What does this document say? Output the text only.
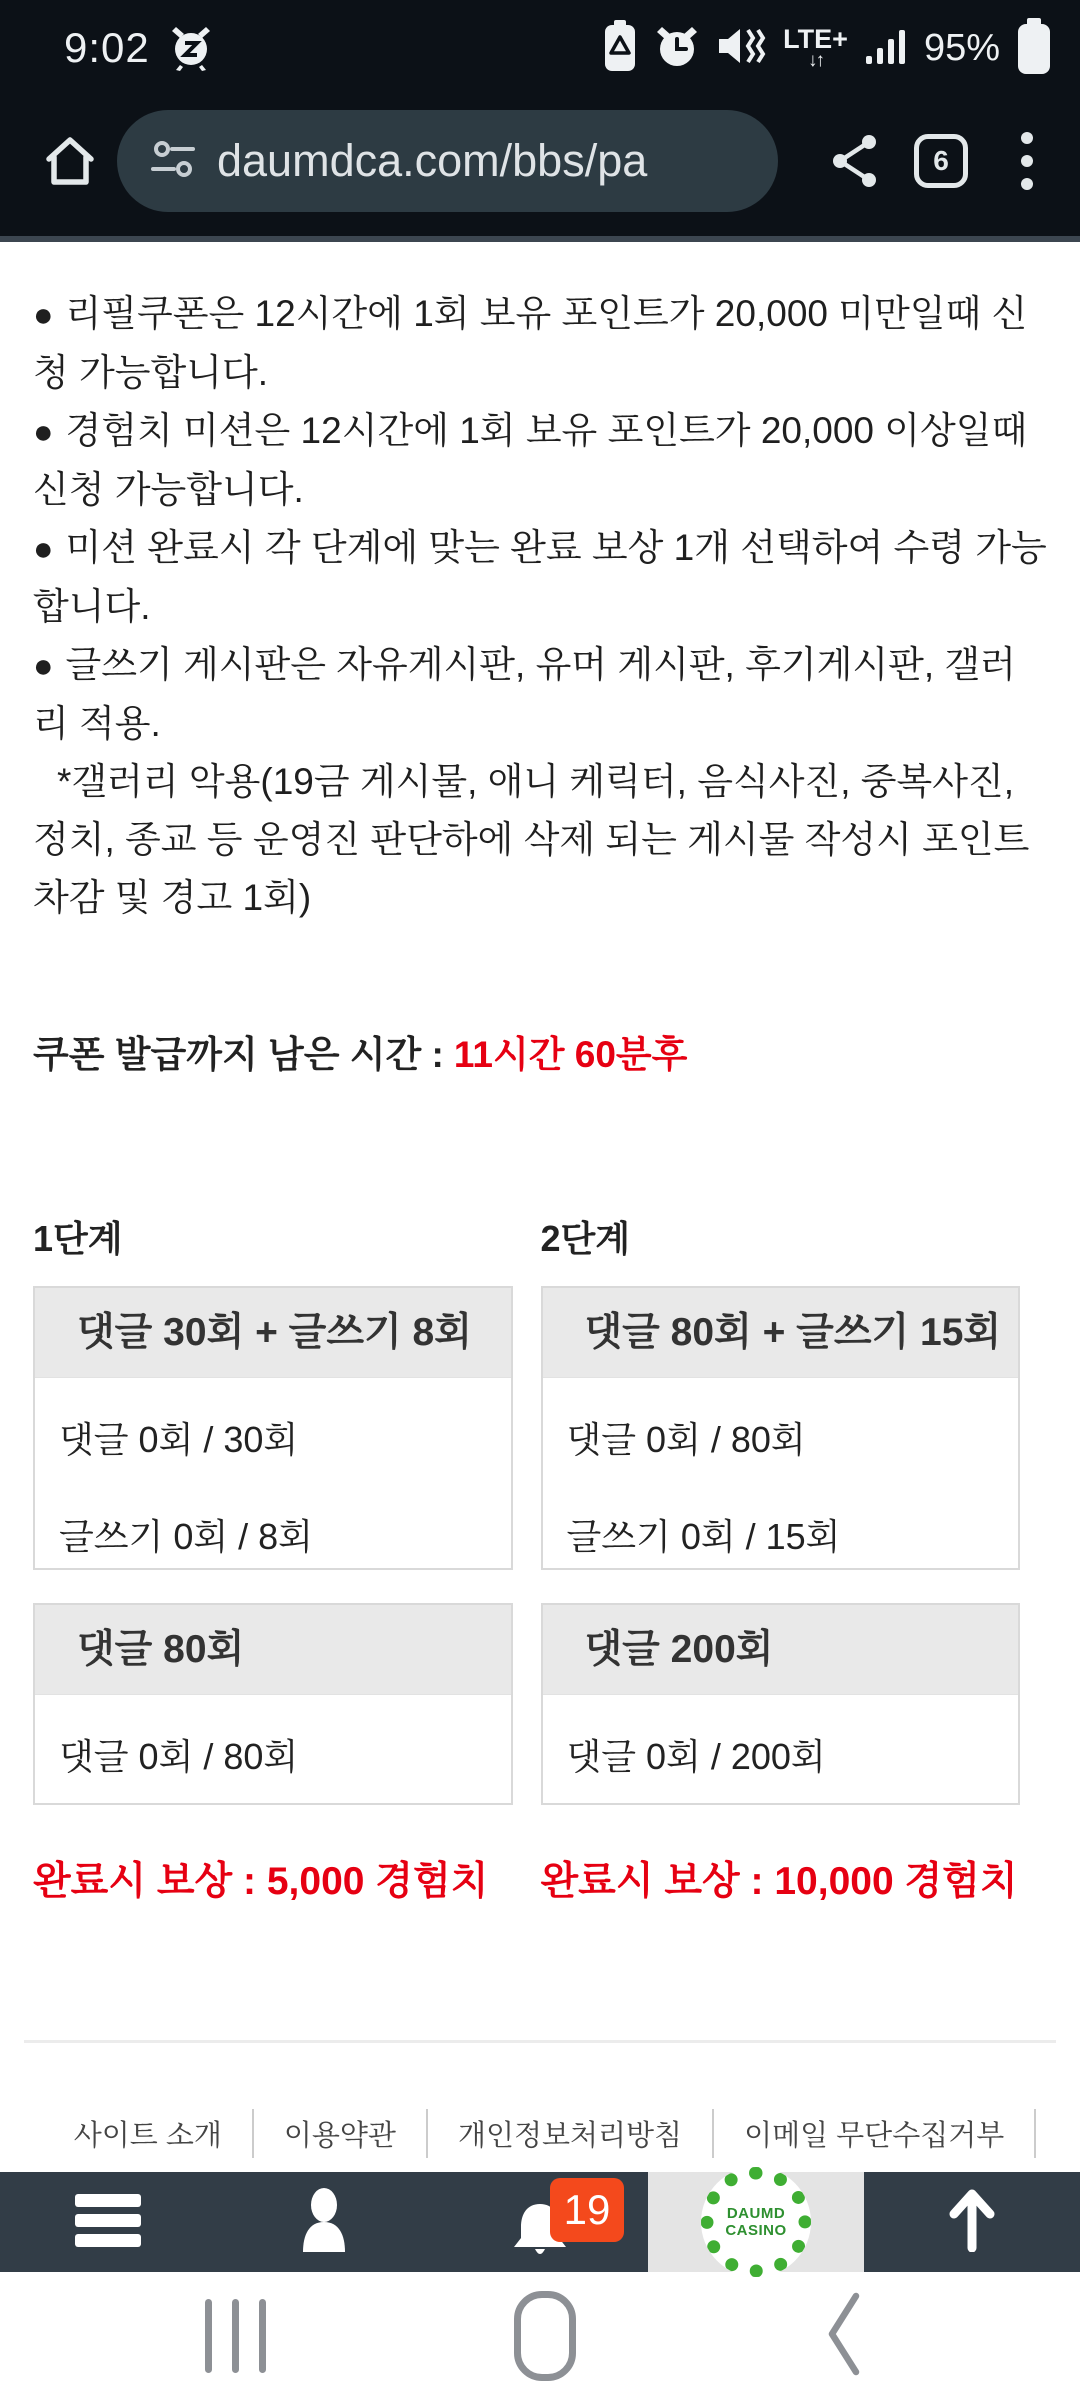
9:02	LTE+
↓↑	95%
daumdca.com/bbs/pa	6

● 리필쿠폰은 12시간에 1회 보유 포인트가 20,000 미만일때 신청 가능합니다.

● 경험치 미션은 12시간에 1회 보유 포인트가 20,000 이상일때 신청 가능합니다.

● 미션 완료시 각 단계에 맞는 완료 보상 1개 선택하여 수령 가능 합니다.

● 글쓰기 게시판은 자유게시판, 유머 게시판, 후기게시판, 갤러리 적용.

*갤러리 악용(19금 게시물, 애니 케릭터, 음식사진, 중복사진, 정치, 종교 등 운영진 판단하에 삭제 되는 게시물 작성시 포인트 차감 및 경고 1회)

쿠폰 발급까지 남은 시간 : 11시간 60분후
1단계
댓글 30회 + 글쓰기 8회
댓글 0회 / 30회
글쓰기 0회 / 8회
댓글 80회
댓글 0회 / 80회
완료시 보상 : 5,000 경험치
2단계
댓글 80회 + 글쓰기 15회
댓글 0회 / 80회
글쓰기 0회 / 15회
댓글 200회
댓글 0회 / 200회
완료시 보상 : 10,000 경험치
사이트 소개	이용약관	개인정보처리방침	이메일 무단수집거부
19	DAUMD
CASINO
